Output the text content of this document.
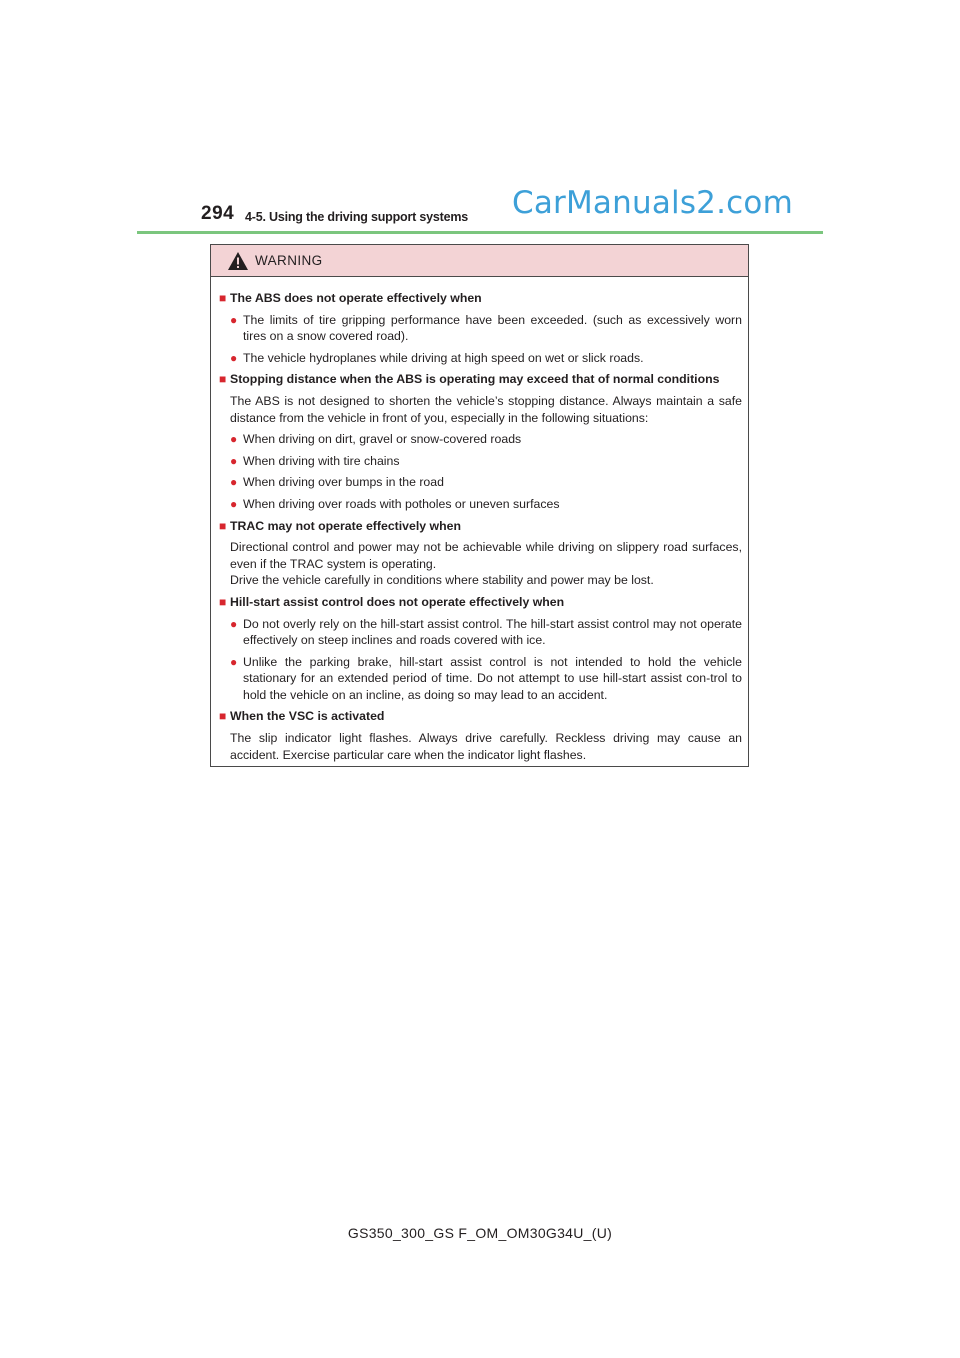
294 4-5. Using the driving support systems CarManuals2.com
WARNING
■ The ABS does not operate effectively when
● The limits of tire gripping performance have been exceeded. (such as excessively worn tires on a snow covered road).
● The vehicle hydroplanes while driving at high speed on wet or slick roads.
■ Stopping distance when the ABS is operating may exceed that of normal conditions
The ABS is not designed to shorten the vehicle’s stopping distance. Always maintain a safe distance from the vehicle in front of you, especially in the following situations:
● When driving on dirt, gravel or snow-covered roads
● When driving with tire chains
● When driving over bumps in the road
● When driving over roads with potholes or uneven surfaces
■ TRAC may not operate effectively when
Directional control and power may not be achievable while driving on slippery road surfaces, even if the TRAC system is operating.
Drive the vehicle carefully in conditions where stability and power may be lost.
■ Hill-start assist control does not operate effectively when
● Do not overly rely on the hill-start assist control. The hill-start assist control may not operate effectively on steep inclines and roads covered with ice.
● Unlike the parking brake, hill-start assist control is not intended to hold the vehicle stationary for an extended period of time. Do not attempt to use hill-start assist con-trol to hold the vehicle on an incline, as doing so may lead to an accident.
■ When the VSC is activated
The slip indicator light flashes. Always drive carefully. Reckless driving may cause an accident. Exercise particular care when the indicator light flashes.
GS350_300_GS F_OM_OM30G34U_(U)
